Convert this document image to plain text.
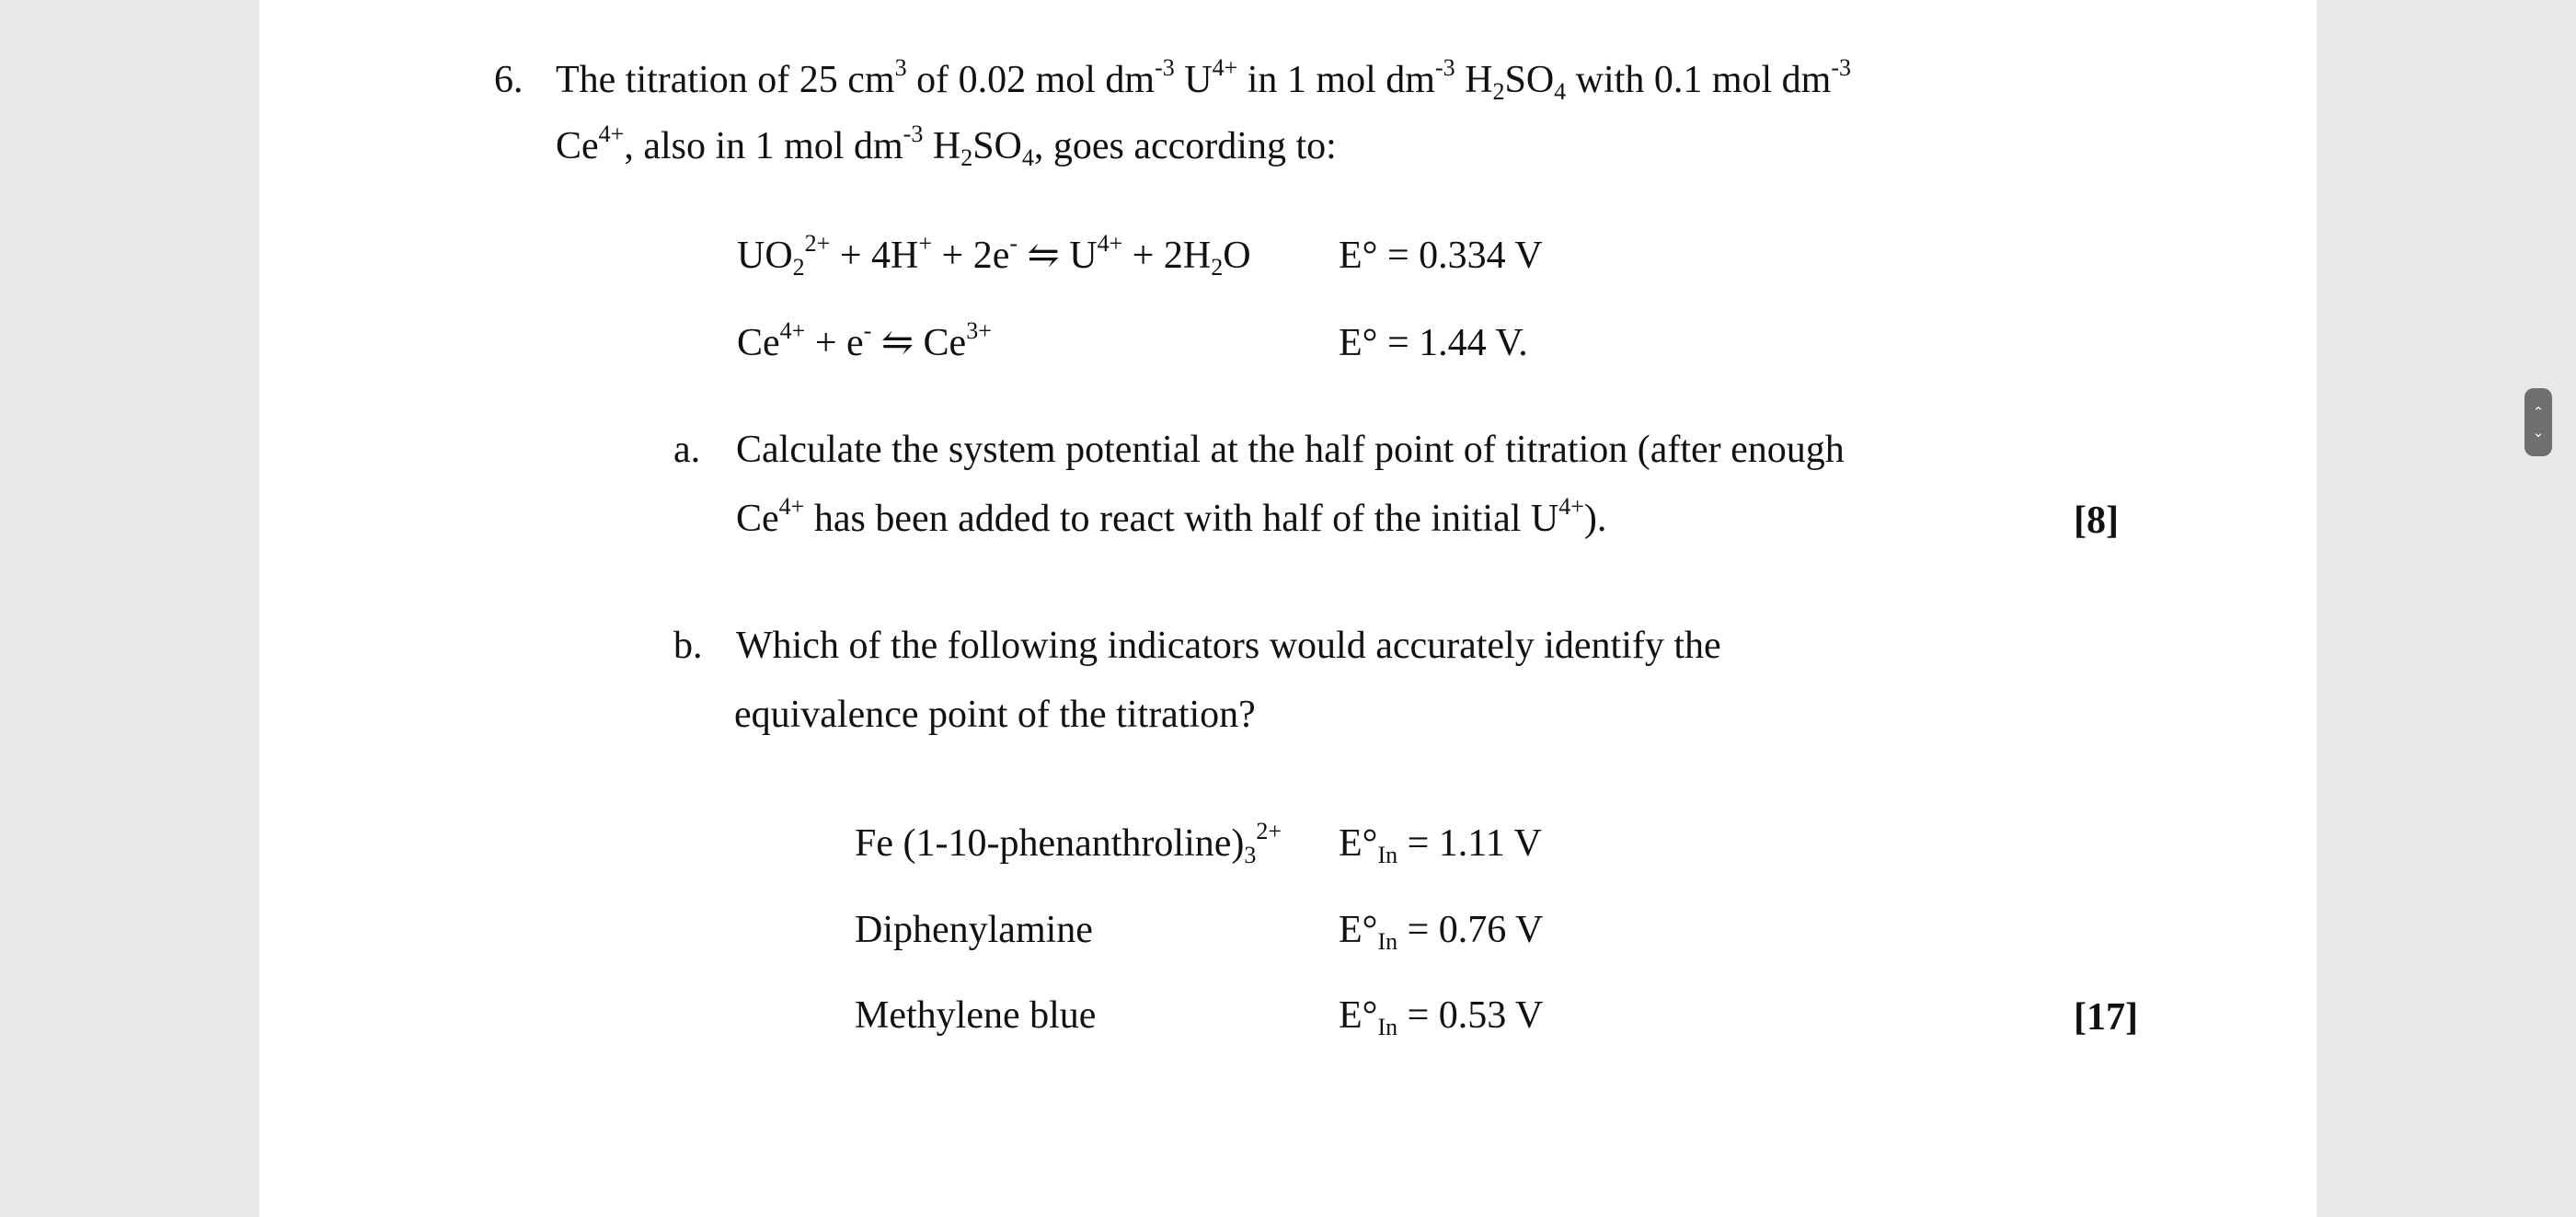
6. The titration of 25 $cm^3$ of 0.02 mol $dm^{-3}$ $U^{4+}$ in 1 mol $dm^{-3}$ $H_2SO_4$ with 0.1 mol $dm^{-3}$
$Ce^{4+}$, also in 1 mol $dm^{-3}$ $H_2SO_4$, goes according to:
$UO_2^{2+} + 4H^+ + 2e^-$ ⇋ $U^{4+} + 2H_2O$ E° = 0.334 V
$Ce^{4+} + e^-$ ⇋ $Ce^{3+}$	E° = 1.44 V.
a. Calculate the system potential at the half point of titration (after enough
$Ce^{4+}$ has been added to react with half of the initial $U^{4+}$).	[8]
b. Which of the following indicators would accurately identify the
equivalence point of the titration?
Fe $(1-10-phenanthroline)_3^{2+}$ $E^\circ_{In} = 1.11$ V
Diphenylamine	$E^\circ_{In} = 0.76$ V
Methylene blue	$E^\circ_{In} = 0.53$ V	[17]
⌃
⌄
